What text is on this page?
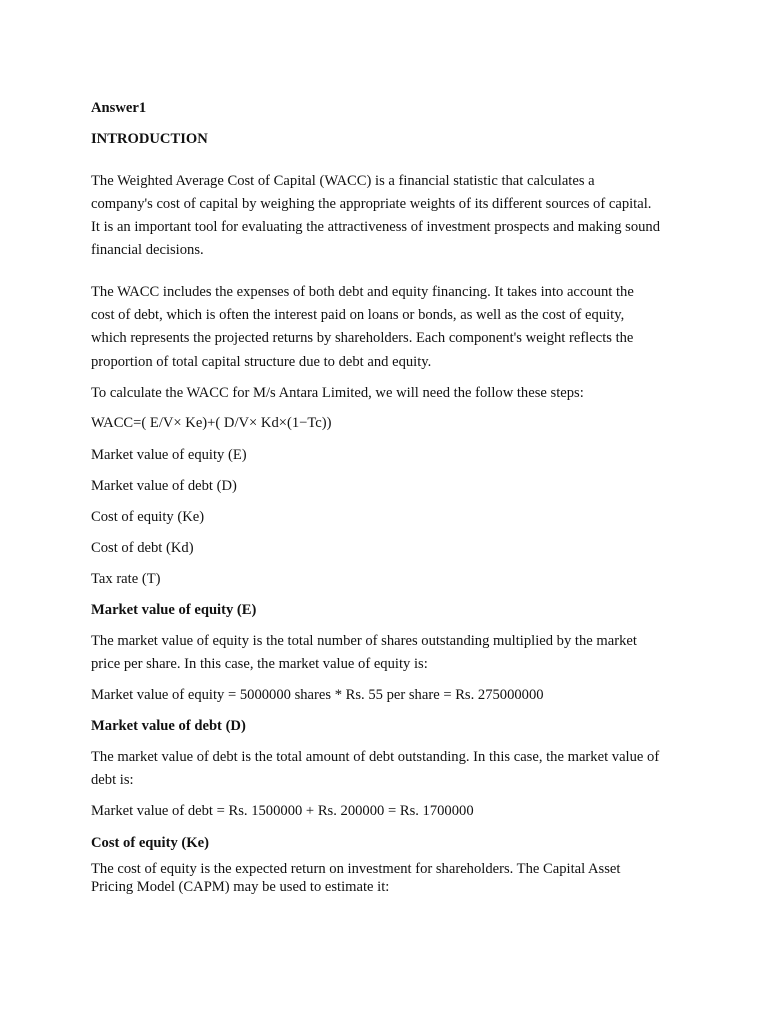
Answer1
INTRODUCTION
The Weighted Average Cost of Capital (WACC) is a financial statistic that calculates a
company's cost of capital by weighing the appropriate weights of its different sources of capital.
It is an important tool for evaluating the attractiveness of investment prospects and making sound
financial decisions.
The WACC includes the expenses of both debt and equity financing. It takes into account the
cost of debt, which is often the interest paid on loans or bonds, as well as the cost of equity,
which represents the projected returns by shareholders. Each component's weight reflects the
proportion of total capital structure due to debt and equity.
To calculate the WACC for M/s Antara Limited, we will need the follow these steps:
WACC=( E/V× Ke)+( D/V× Kd×(1−Tc))
Market value of equity (E)
Market value of debt (D)
Cost of equity (Ke)
Cost of debt (Kd)
Tax rate (T)
Market value of equity (E)
The market value of equity is the total number of shares outstanding multiplied by the market
price per share. In this case, the market value of equity is:
Market value of equity = 5000000 shares * Rs. 55 per share = Rs. 275000000
Market value of debt (D)
The market value of debt is the total amount of debt outstanding. In this case, the market value of
debt is:
Market value of debt = Rs. 1500000 + Rs. 200000 = Rs. 1700000
Cost of equity (Ke)
The cost of equity is the expected return on investment for shareholders. The Capital Asset
Pricing Model (CAPM) may be used to estimate it:
